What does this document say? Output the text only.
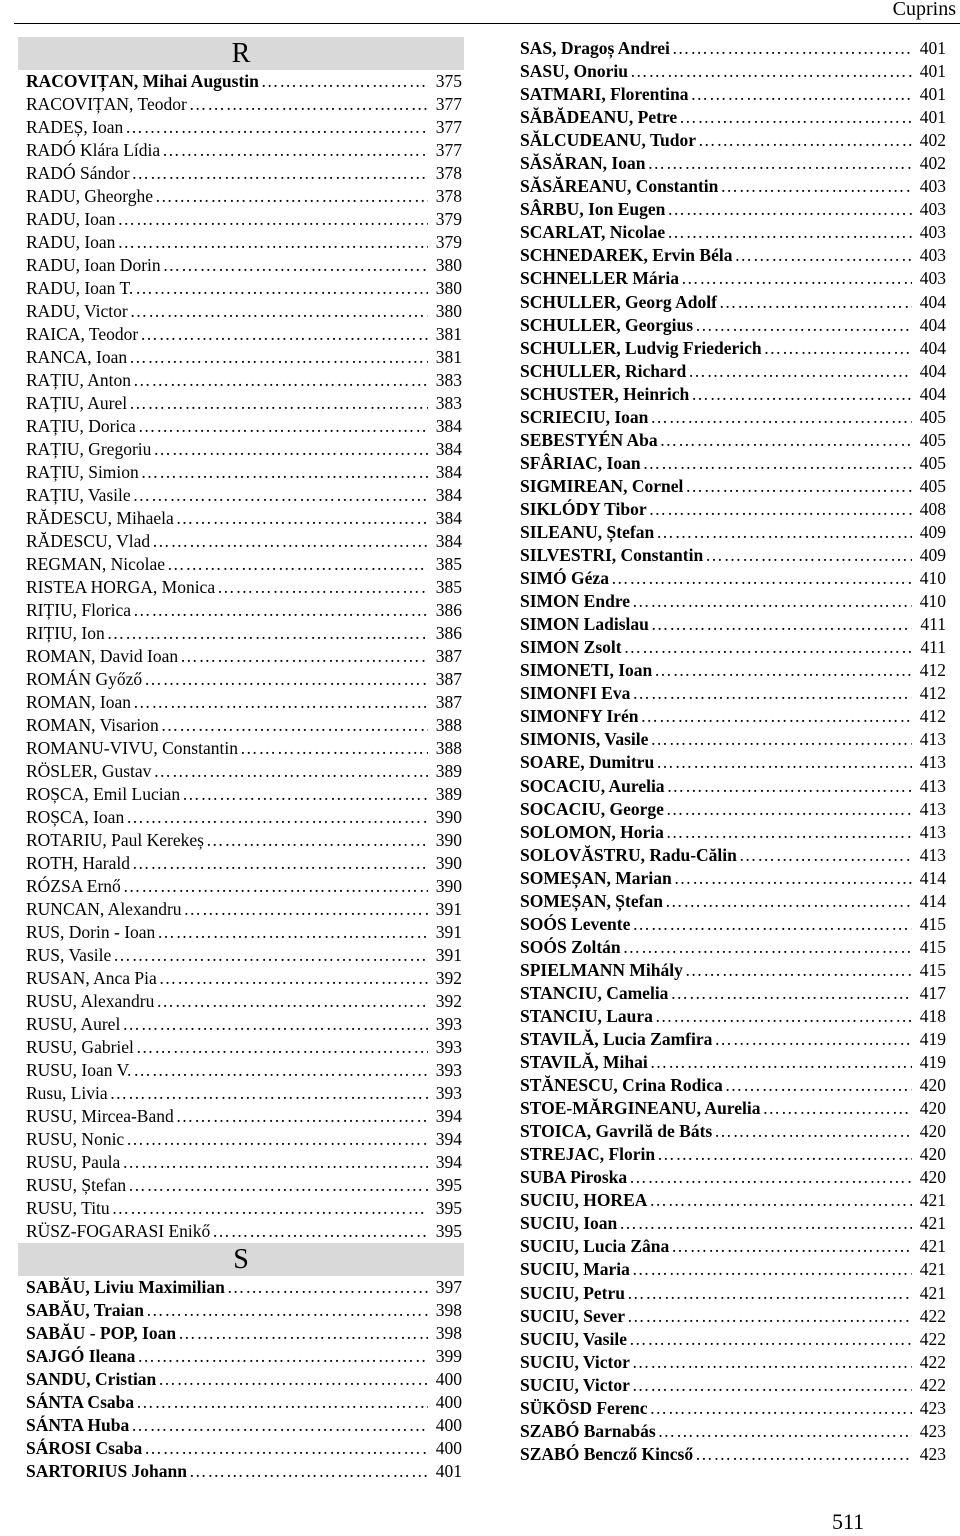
Cuprins
R
RACOVIȚAN, Mihai Augustin …………………………………………………………………………	375
RACOVIȚAN, Teodor …………………………………………………………………………	377
RADEȘ, Ioan …………………………………………………………………………	377
RADÓ Klára Lídia …………………………………………………………………………	377
RADÓ Sándor …………………………………………………………………………	378
RADU, Gheorghe …………………………………………………………………………	378
RADU, Ioan …………………………………………………………………………	379
RADU, Ioan …………………………………………………………………………	379
RADU, Ioan Dorin …………………………………………………………………………	380
RADU, Ioan T. …………………………………………………………………………	380
RADU, Victor …………………………………………………………………………	380
RAICA, Teodor …………………………………………………………………………	381
RANCA, Ioan …………………………………………………………………………	381
RAȚIU, Anton …………………………………………………………………………	383
RAȚIU, Aurel …………………………………………………………………………	383
RAȚIU, Dorica …………………………………………………………………………	384
RAȚIU, Gregoriu …………………………………………………………………………	384
RAȚIU, Simion …………………………………………………………………………	384
RAȚIU, Vasile …………………………………………………………………………	384
RĂDESCU, Mihaela …………………………………………………………………………	384
RĂDESCU, Vlad …………………………………………………………………………	384
REGMAN, Nicolae …………………………………………………………………………	385
RISTEA HORGA, Monica …………………………………………………………………………	385
RIȚIU, Florica …………………………………………………………………………	386
RIȚIU, Ion …………………………………………………………………………	386
ROMAN, David Ioan …………………………………………………………………………	387
ROMÁN Győző …………………………………………………………………………	387
ROMAN, Ioan …………………………………………………………………………	387
ROMAN, Visarion …………………………………………………………………………	388
ROMANU-VIVU, Constantin …………………………………………………………………………	388
RÖSLER, Gustav …………………………………………………………………………	389
ROȘCA, Emil Lucian …………………………………………………………………………	389
ROȘCA, Ioan …………………………………………………………………………	390
ROTARIU, Paul Kerekeș …………………………………………………………………………	390
ROTH, Harald …………………………………………………………………………	390
RÓZSA Ernő …………………………………………………………………………	390
RUNCAN, Alexandru …………………………………………………………………………	391
RUS, Dorin - Ioan …………………………………………………………………………	391
RUS, Vasile …………………………………………………………………………	391
RUSAN, Anca Pia …………………………………………………………………………	392
RUSU, Alexandru …………………………………………………………………………	392
RUSU, Aurel …………………………………………………………………………	393
RUSU, Gabriel …………………………………………………………………………	393
RUSU, Ioan V. …………………………………………………………………………	393
Rusu, Livia …………………………………………………………………………	393
RUSU, Mircea-Band …………………………………………………………………………	394
RUSU, Nonic …………………………………………………………………………	394
RUSU, Paula …………………………………………………………………………	394
RUSU, Ștefan …………………………………………………………………………	395
RUSU, Titu …………………………………………………………………………	395
RÜSZ-FOGARASI Enikő …………………………………………………………………………	395
S
SABĂU, Liviu Maximilian …………………………………………………………………………	397
SABĂU, Traian …………………………………………………………………………	398
SABĂU - POP, Ioan …………………………………………………………………………	398
SAJGÓ Ileana …………………………………………………………………………	399
SANDU, Cristian …………………………………………………………………………	400
SÁNTA Csaba …………………………………………………………………………	400
SÁNTA Huba …………………………………………………………………………	400
SÁROSI Csaba …………………………………………………………………………	400
SARTORIUS Johann …………………………………………………………………………	401
SAS, Dragoș Andrei …………………………………………………………………………	401
SASU, Onoriu …………………………………………………………………………	401
SATMARI, Florentina …………………………………………………………………………	401
SĂBĂDEANU, Petre …………………………………………………………………………	401
SĂLCUDEANU, Tudor …………………………………………………………………………	402
SĂSĂRAN, Ioan …………………………………………………………………………	402
SĂSĂREANU, Constantin …………………………………………………………………………	403
SÂRBU, Ion Eugen …………………………………………………………………………	403
SCARLAT, Nicolae …………………………………………………………………………	403
SCHNEDAREK, Ervin Béla …………………………………………………………………………	403
SCHNELLER Mária …………………………………………………………………………	403
SCHULLER, Georg Adolf …………………………………………………………………………	404
SCHULLER, Georgius …………………………………………………………………………	404
SCHULLER, Ludvig Friederich …………………………………………………………………………	404
SCHULLER, Richard …………………………………………………………………………	404
SCHUSTER, Heinrich …………………………………………………………………………	404
SCRIECIU, Ioan …………………………………………………………………………	405
SEBESTYÉN Aba …………………………………………………………………………	405
SFÂRIAC, Ioan …………………………………………………………………………	405
SIGMIREAN, Cornel …………………………………………………………………………	405
SIKLÓDY Tibor …………………………………………………………………………	408
SILEANU, Ștefan …………………………………………………………………………	409
SILVESTRI, Constantin …………………………………………………………………………	409
SIMÓ Géza …………………………………………………………………………	410
SIMON Endre …………………………………………………………………………	410
SIMON Ladislau …………………………………………………………………………	411
SIMON Zsolt …………………………………………………………………………	411
SIMONETI, Ioan …………………………………………………………………………	412
SIMONFI Eva …………………………………………………………………………	412
SIMONFY Irén …………………………………………………………………………	412
SIMONIS, Vasile …………………………………………………………………………	413
SOARE, Dumitru …………………………………………………………………………	413
SOCACIU, Aurelia …………………………………………………………………………	413
SOCACIU, George …………………………………………………………………………	413
SOLOMON, Horia …………………………………………………………………………	413
SOLOVĂSTRU, Radu-Călin …………………………………………………………………………	413
SOMEȘAN, Marian …………………………………………………………………………	414
SOMEȘAN, Ștefan …………………………………………………………………………	414
SOÓS Levente …………………………………………………………………………	415
SOÓS Zoltán …………………………………………………………………………	415
SPIELMANN Mihály …………………………………………………………………………	415
STANCIU, Camelia …………………………………………………………………………	417
STANCIU, Laura …………………………………………………………………………	418
STAVILĂ, Lucia Zamfira …………………………………………………………………………	419
STAVILĂ, Mihai …………………………………………………………………………	419
STĂNESCU, Crina Rodica …………………………………………………………………………	420
STOE-MĂRGINEANU, Aurelia …………………………………………………………………………	420
STOICA, Gavrilă de Báts …………………………………………………………………………	420
STREJAC, Florin …………………………………………………………………………	420
SUBA Piroska …………………………………………………………………………	420
SUCIU, HOREA …………………………………………………………………………	421
SUCIU, Ioan …………………………………………………………………………	421
SUCIU, Lucia Zâna …………………………………………………………………………	421
SUCIU, Maria …………………………………………………………………………	421
SUCIU, Petru …………………………………………………………………………	421
SUCIU, Sever …………………………………………………………………………	422
SUCIU, Vasile …………………………………………………………………………	422
SUCIU, Victor …………………………………………………………………………	422
SUCIU, Victor …………………………………………………………………………	422
SÜKÖSD Ferenc …………………………………………………………………………	423
SZABÓ Barnabás …………………………………………………………………………	423
SZABÓ Bencző Kincső …………………………………………………………………………	423
511
